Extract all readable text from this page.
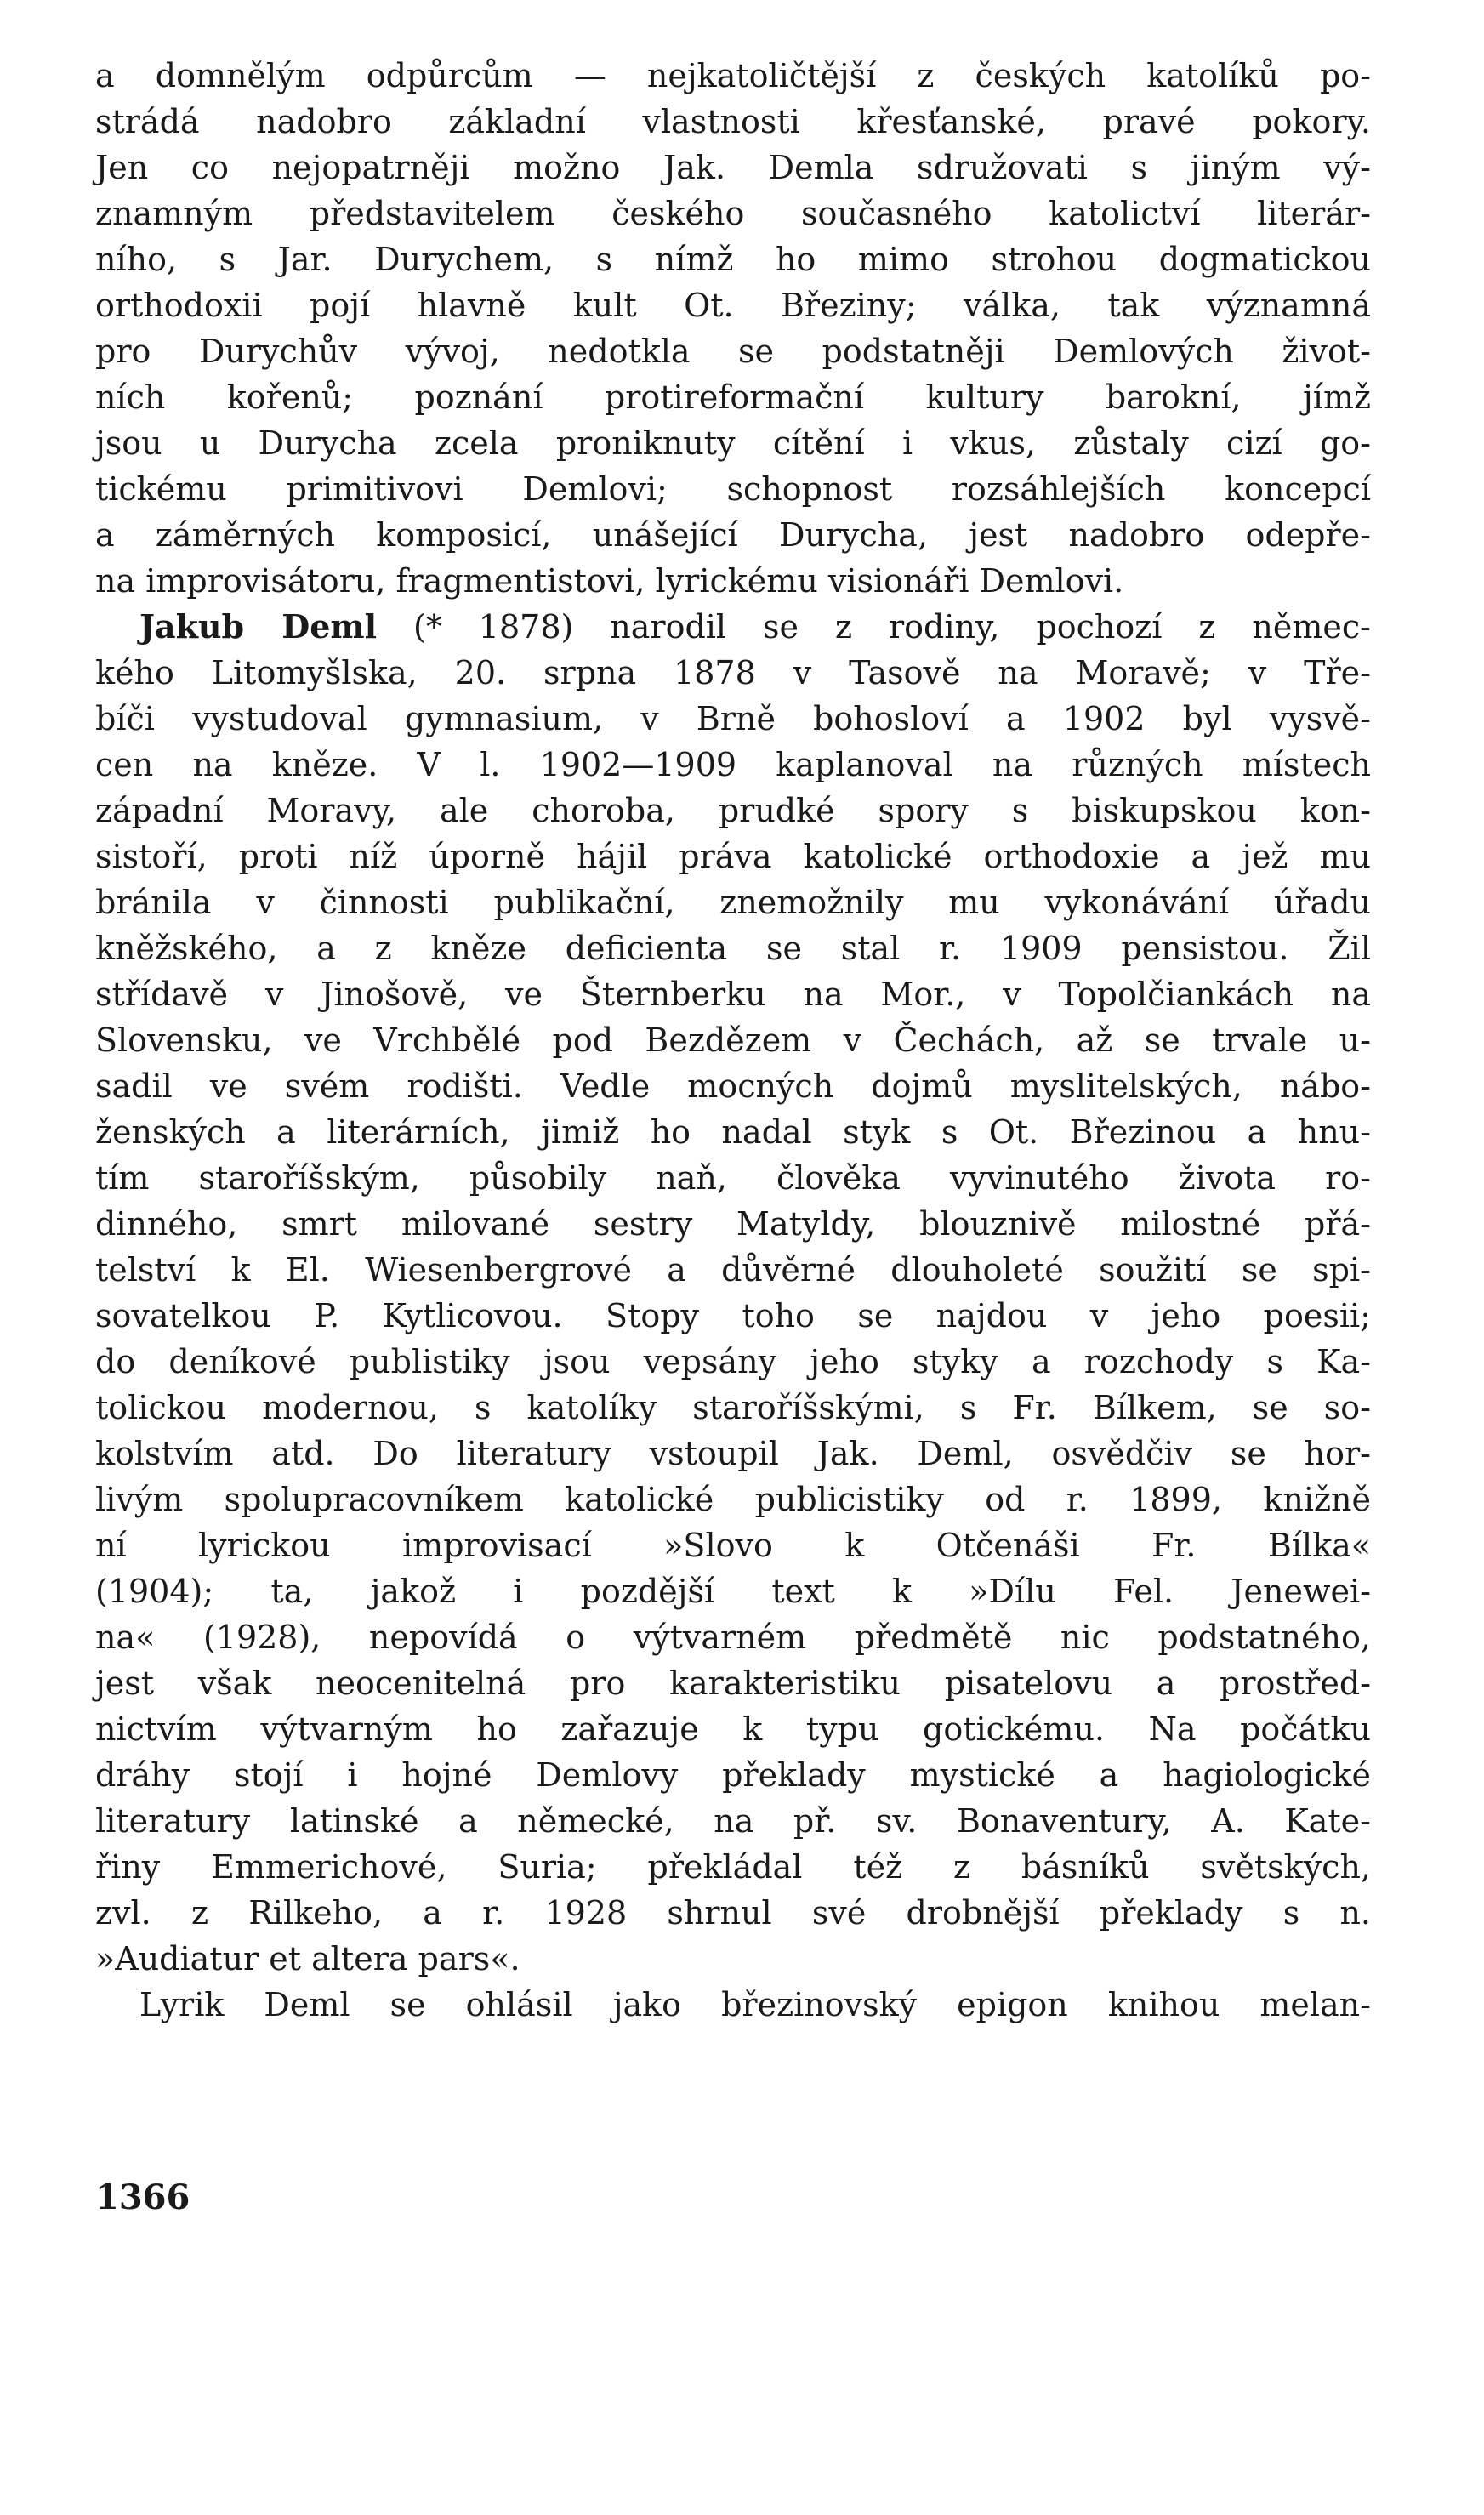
a domnělým odpůrcům — nejkatoličtější z českých katolíků po-
strádá nadobro základní vlastnosti křesťanské, pravé pokory.
Jen co nejopatrněji možno Jak. Demla sdružovati s jiným vý-
znamným představitelem českého současného katolictví literár-
ního, s Jar. Durychem, s nímž ho mimo strohou dogmatickou
orthodoxii pojí hlavně kult Ot. Březiny; válka, tak významná
pro Durychův vývoj, nedotkla se podstatněji Demlových život-
ních kořenů; poznání protireformační kultury barokní, jímž
jsou u Durycha zcela proniknuty cítění i vkus, zůstaly cizí go-
tickému primitivovi Demlovi; schopnost rozsáhlejších koncepcí
a záměrných komposicí, unášející Durycha, jest nadobro odepře-
na improvisátoru, fragmentistovi, lyrickému visionáři Demlovi.
Jakub Deml (* 1878) narodil se z rodiny, pochozí z němec-
kého Litomyšlska, 20. srpna 1878 v Tasově na Moravě; v Tře-
bíči vystudoval gymnasium, v Brně bohosloví a 1902 byl vysvě-
cen na kněze. V l. 1902—1909 kaplanoval na různých místech
západní Moravy, ale choroba, prudké spory s biskupskou kon-
sistoří, proti níž úporně hájil práva katolické orthodoxie a jež mu
bránila v činnosti publikační, znemožnily mu vykonávání úřadu
kněžského, a z kněze deficienta se stal r. 1909 pensistou. Žil
střídavě v Jinošově, ve Šternberku na Mor., v Topolčiankách na
Slovensku, ve Vrchbělé pod Bezdězem v Čechách, až se trvale u-
sadil ve svém rodišti. Vedle mocných dojmů myslitelských, nábo-
ženských a literárních, jimiž ho nadal styk s Ot. Březinou a hnu-
tím staroříšským, působily naň, člověka vyvinutého života ro-
dinného, smrt milované sestry Matyldy, blouznivě milostné přá-
telství k El. Wiesenbergrové a důvěrné dlouholeté soužití se spi-
sovatelkou P. Kytlicovou. Stopy toho se najdou v jeho poesii;
do deníkové publistiky jsou vepsány jeho styky a rozchody s Ka-
tolickou modernou, s katolíky staroříšskými, s Fr. Bílkem, se so-
kolstvím atd. Do literatury vstoupil Jak. Deml, osvědčiv se hor-
livým spolupracovníkem katolické publicistiky od r. 1899, knižně
ní lyrickou improvisací »Slovo k Otčenáši Fr. Bílka«
(1904); ta, jakož i pozdější text k »Dílu Fel. Jenewei-
na« (1928), nepovídá o výtvarném předmětě nic podstatného,
jest však neocenitelná pro karakteristiku pisatelovu a prostřed-
nictvím výtvarným ho zařazuje k typu gotickému. Na počátku
dráhy stojí i hojné Demlovy překlady mystické a hagiologické
literatury latinské a německé, na př. sv. Bonaventury, A. Kate-
řiny Emmerichové, Suria; překládal též z básníků světských,
zvl. z Rilkeho, a r. 1928 shrnul své drobnější překlady s n.
»Audiatur et altera pars«.
Lyrik Deml se ohlásil jako březinovský epigon knihou melan-
1366
